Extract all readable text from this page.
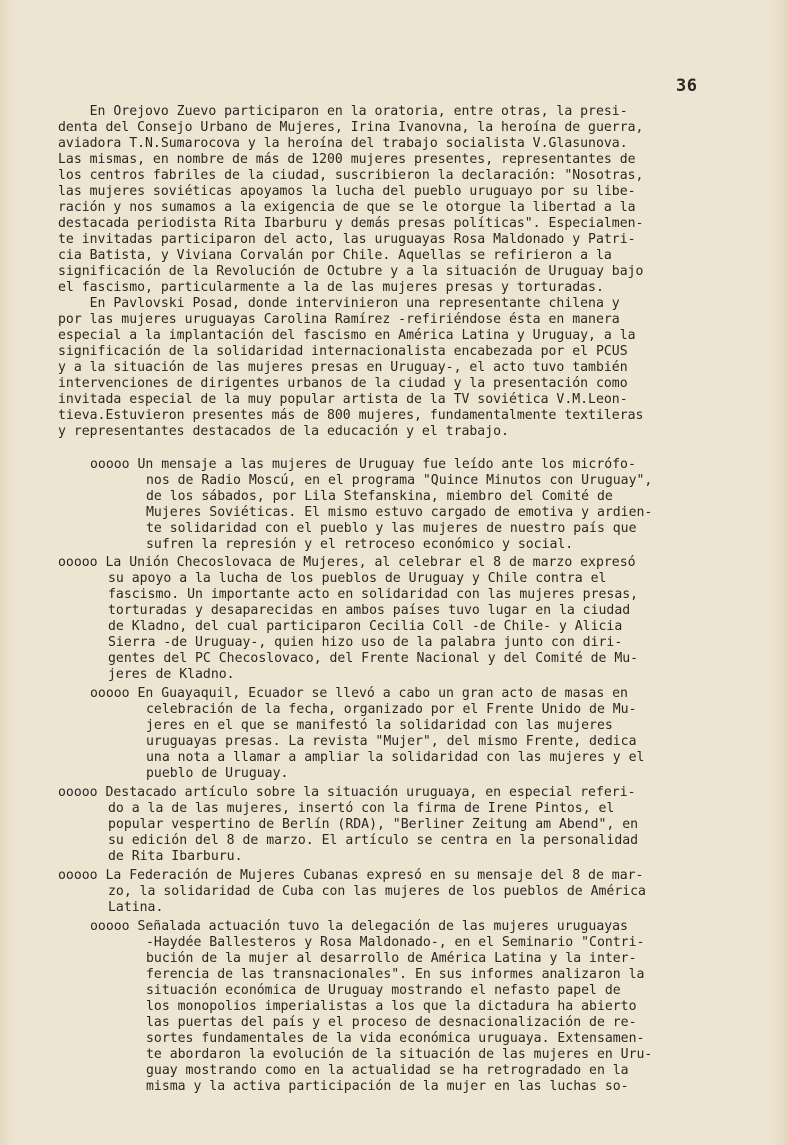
36
En Orejovo Zuevo participaron en la oratoria, entre otras, la presi-
denta del Consejo Urbano de Mujeres, Irina Ivanovna, la heroína de guerra,
aviadora T.N.Sumarocova y la heroína del trabajo socialista V.Glasunova.
Las mismas, en nombre de más de 1200 mujeres presentes, representantes de
los centros fabriles de la ciudad, suscribieron la declaración: "Nosotras,
las mujeres soviéticas apoyamos la lucha del pueblo uruguayo por su libe-
ración y nos sumamos a la exigencia de que se le otorgue la libertad a la
destacada periodista Rita Ibarburu y demás presas políticas". Especialmen-
te invitadas participaron del acto, las uruguayas Rosa Maldonado y Patri-
cia Batista, y Viviana Corvalán por Chile. Aquellas se refirieron a la
significación de la Revolución de Octubre y a la situación de Uruguay bajo
el fascismo, particularmente a la de las mujeres presas y torturadas.
En Pavlovski Posad, donde intervinieron una representante chilena y
por las mujeres uruguayas Carolina Ramírez -refiriéndose ésta en manera
especial a la implantación del fascismo en América Latina y Uruguay, a la
significación de la solidaridad internacionalista encabezada por el PCUS
y a la situación de las mujeres presas en Uruguay-, el acto tuvo también
intervenciones de dirigentes urbanos de la ciudad y la presentación como
invitada especial de la muy popular artista de la TV soviética V.M.Leon-
tieva.Estuvieron presentes más de 800 mujeres, fundamentalmente textileras
y representantes destacados de la educación y el trabajo.
ooooo Un mensaje a las mujeres de Uruguay fue leído ante los micrófo-
nos de Radio Moscú, en el programa "Quince Minutos con Uruguay",
de los sábados, por Lila Stefanskina, miembro del Comité de
Mujeres Soviéticas. El mismo estuvo cargado de emotiva y ardien-
te solidaridad con el pueblo y las mujeres de nuestro país que
sufren la represión y el retroceso económico y social.
ooooo La Unión Checoslovaca de Mujeres, al celebrar el 8 de marzo expresó
su apoyo a la lucha de los pueblos de Uruguay y Chile contra el
fascismo. Un importante acto en solidaridad con las mujeres presas,
torturadas y desaparecidas en ambos países tuvo lugar en la ciudad
de Kladno, del cual participaron Cecilia Coll -de Chile- y Alicia
Sierra -de Uruguay-, quien hizo uso de la palabra junto con diri-
gentes del PC Checoslovaco, del Frente Nacional y del Comité de Mu-
jeres de Kladno.
ooooo En Guayaquil, Ecuador se llevó a cabo un gran acto de masas en
celebración de la fecha, organizado por el Frente Unido de Mu-
jeres en el que se manifestó la solidaridad con las mujeres
uruguayas presas. La revista "Mujer", del mismo Frente, dedica
una nota a llamar a ampliar la solidaridad con las mujeres y el
pueblo de Uruguay.
ooooo Destacado artículo sobre la situación uruguaya, en especial referi-
do a la de las mujeres, insertó con la firma de Irene Pintos, el
popular vespertino de Berlín (RDA), "Berliner Zeitung am Abend", en
su edición del 8 de marzo. El artículo se centra en la personalidad
de Rita Ibarburu.
ooooo La Federación de Mujeres Cubanas expresó en su mensaje del 8 de mar-
zo, la solidaridad de Cuba con las mujeres de los pueblos de América
Latina.
ooooo Señalada actuación tuvo la delegación de las mujeres uruguayas
-Haydée Ballesteros y Rosa Maldonado-, en el Seminario "Contri-
bución de la mujer al desarrollo de América Latina y la inter-
ferencia de las transnacionales". En sus informes analizaron la
situación económica de Uruguay mostrando el nefasto papel de
los monopolios imperialistas a los que la dictadura ha abierto
las puertas del país y el proceso de desnacionalización de re-
sortes fundamentales de la vida económica uruguaya. Extensamen-
te abordaron la evolución de la situación de las mujeres en Uru-
guay mostrando como en la actualidad se ha retrogradado en la
misma y la activa participación de la mujer en las luchas so-
